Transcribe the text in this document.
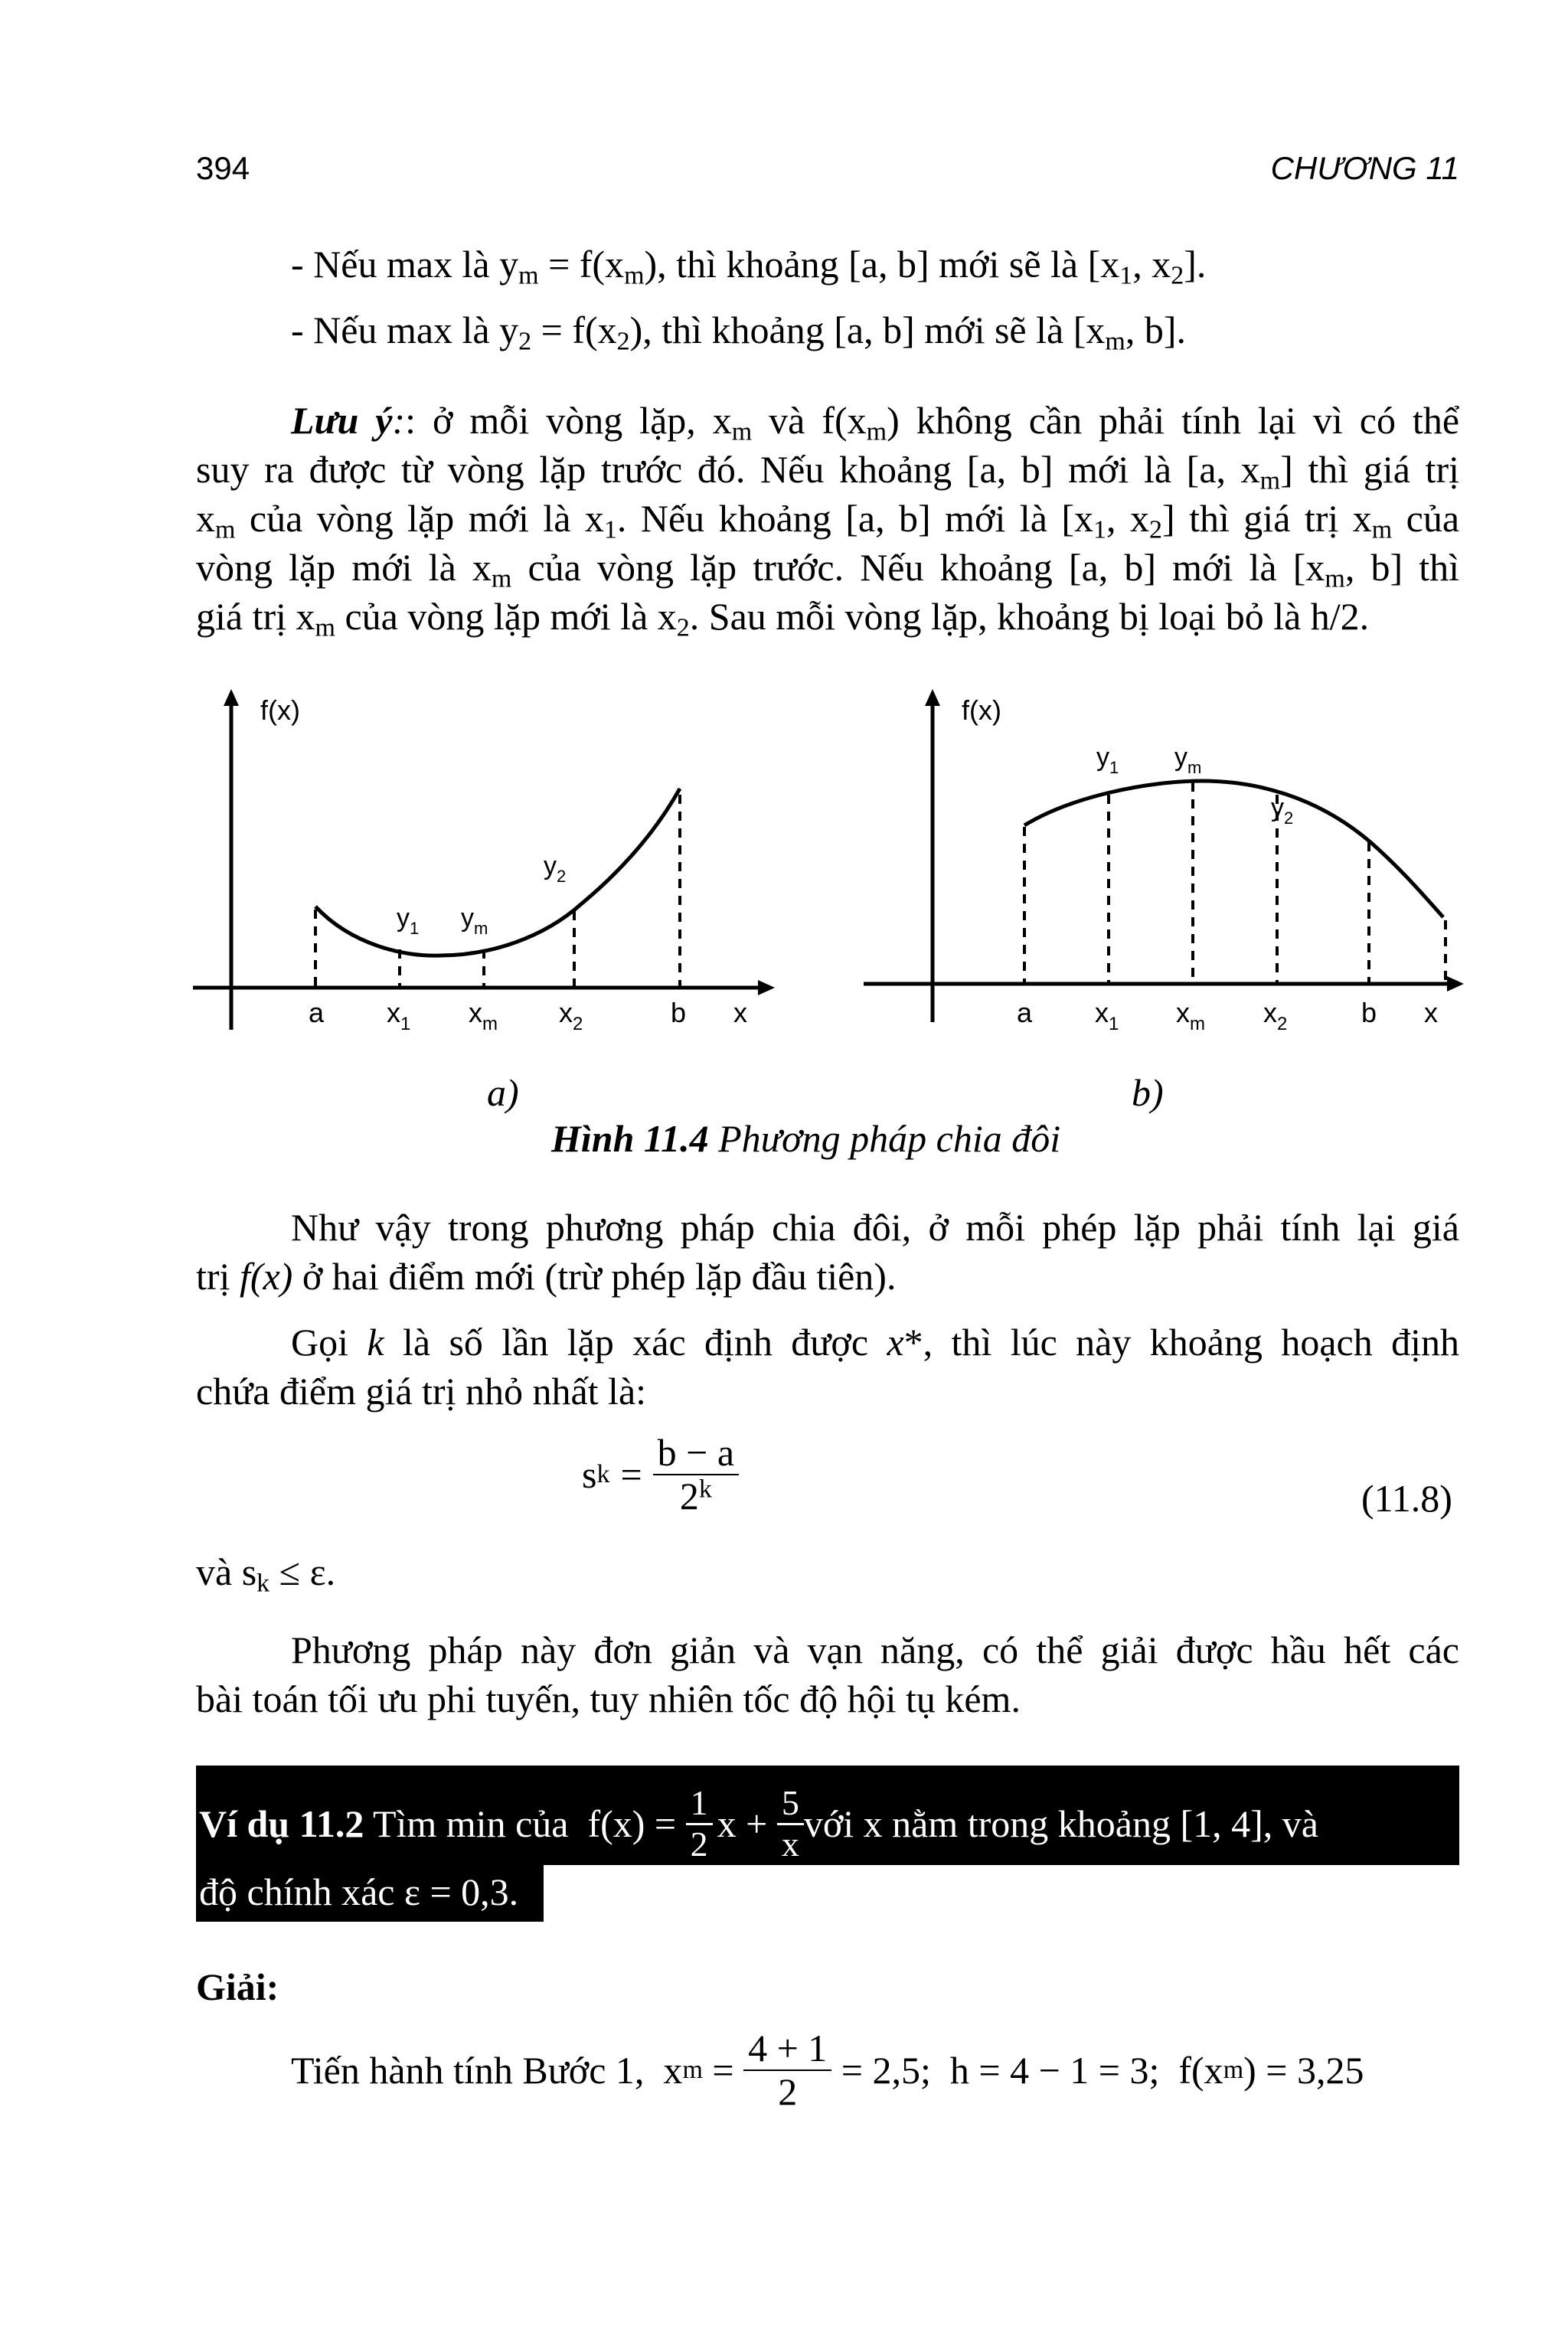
394	CHƯƠNG 11
- Nếu max là $y_m = f(x_m)$, thì khoảng [a, b] mới sẽ là [$x_1$, $x_2$].
- Nếu max là $y_2 = f(x_2)$, thì khoảng [a, b] mới sẽ là [$x_m$, b].
Lưu ý:: ở mỗi vòng lặp, $x_m$ và $f(x_m)$ không cần phải tính lại vì có thể
suy ra được từ vòng lặp trước đó. Nếu khoảng [a, b] mới là [a, $x_m$] thì giá trị
$x_m$ của vòng lặp mới là $x_1$. Nếu khoảng [a, b] mới là [$x_1$, $x_2$] thì giá trị $x_m$ của
vòng lặp mới là $x_m$ của vòng lặp trước. Nếu khoảng [a, b] mới là [$x_m$, b] thì
giá trị $x_m$ của vòng lặp mới là $x_2$. Sau mỗi vòng lặp, khoảng bị loại bỏ là h/2.
f(x)
a $x_1$ $x_m$ $x_2$	b x
$y_1$ $y_m$
$y_2$
f(x)
a $x_1$ $x_m$ $x_2$	b x
$y_1$ $y_m$
$y_2$
a)	b)
Hình 11.4 Phương pháp chia đôi
Như vậy trong phương pháp chia đôi, ở mỗi phép lặp phải tính lại giá
trị f(x) ở hai điểm mới (trừ phép lặp đầu tiên).
Gọi k là số lần lặp xác định được x*, thì lúc này khoảng hoạch định
chứa điểm giá trị nhỏ nhất là:
s $k = \frac{b - a}{2^k}$	(11.8)
và $s_k \le \varepsilon$.
Phương pháp này đơn giản và vạn năng, có thể giải được hầu hết các
bài toán tối ưu phi tuyến, tuy nhiên tốc độ hội tụ kém.
Ví dụ 11.2 Tìm min của  $f(x) = \frac{1}{2}$ $x + \frac{5}{x}$ với x nằm trong khoảng [1, 4], và
độ chính xác ε = 0,3.
Giải:
Tiến hành tính Bước 1,  x $m = \frac{4 + 1}{2} = 2,5$;  h = 4 − 1 = 3;  f(x m ) = 3,25
